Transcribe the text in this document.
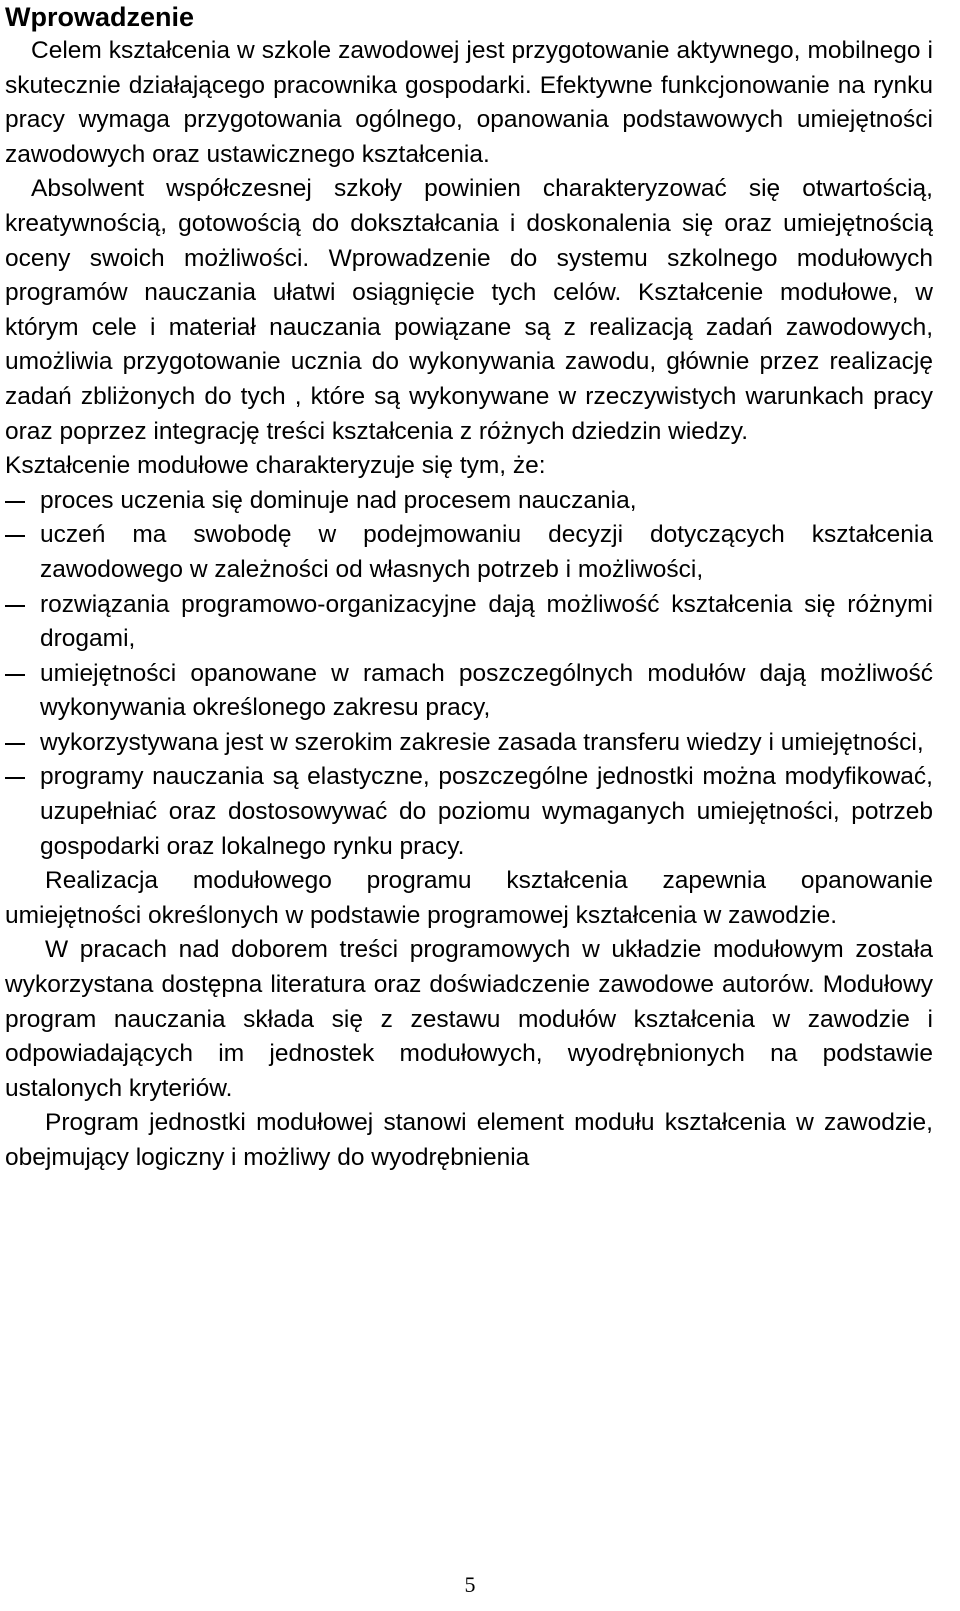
Wprowadzenie

Celem kształcenia w szkole zawodowej jest przygotowanie aktywnego, mobilnego i skutecznie działającego pracownika gospodarki. Efektywne funkcjonowanie na rynku pracy wymaga przygotowania ogólnego, opanowania podstawowych umiejętności zawodowych oraz ustawicznego kształcenia.

Absolwent współczesnej szkoły powinien charakteryzować się otwartością, kreatywnością, gotowością do dokształcania i doskonalenia się oraz umiejętnością oceny swoich możliwości. Wprowadzenie do systemu szkolnego modułowych programów nauczania ułatwi osiągnięcie tych celów. Kształcenie modułowe, w którym cele i materiał nauczania powiązane są z realizacją zadań zawodowych, umożliwia przygotowanie ucznia do wykonywania zawodu, głównie przez realizację zadań zbliżonych do tych , które są wykonywane w rzeczywistych warunkach pracy oraz poprzez integrację treści kształcenia z różnych dziedzin wiedzy.

Kształcenie modułowe charakteryzuje się tym, że:

proces uczenia się dominuje nad procesem nauczania,
uczeń ma swobodę w podejmowaniu decyzji dotyczących kształcenia zawodowego w zależności od własnych potrzeb i możliwości,
rozwiązania programowo-organizacyjne dają możliwość kształcenia się różnymi drogami,
umiejętności opanowane w ramach poszczególnych modułów dają możliwość wykonywania określonego zakresu pracy,
wykorzystywana jest w szerokim zakresie zasada transferu wiedzy i umiejętności,
programy nauczania są elastyczne, poszczególne jednostki można modyfikować, uzupełniać oraz dostosowywać do poziomu wymaganych umiejętności, potrzeb gospodarki oraz lokalnego rynku pracy.

Realizacja modułowego programu kształcenia zapewnia opanowanie umiejętności określonych w podstawie programowej kształcenia w zawodzie.

W pracach nad doborem treści programowych w układzie modułowym została wykorzystana dostępna literatura oraz doświadczenie zawodowe autorów. Modułowy program nauczania składa się z zestawu modułów kształcenia w zawodzie i odpowiadających im jednostek modułowych, wyodrębnionych na podstawie ustalonych kryteriów.

Program jednostki modułowej stanowi element modułu kształcenia w zawodzie, obejmujący logiczny i możliwy do wyodrębnienia

5
